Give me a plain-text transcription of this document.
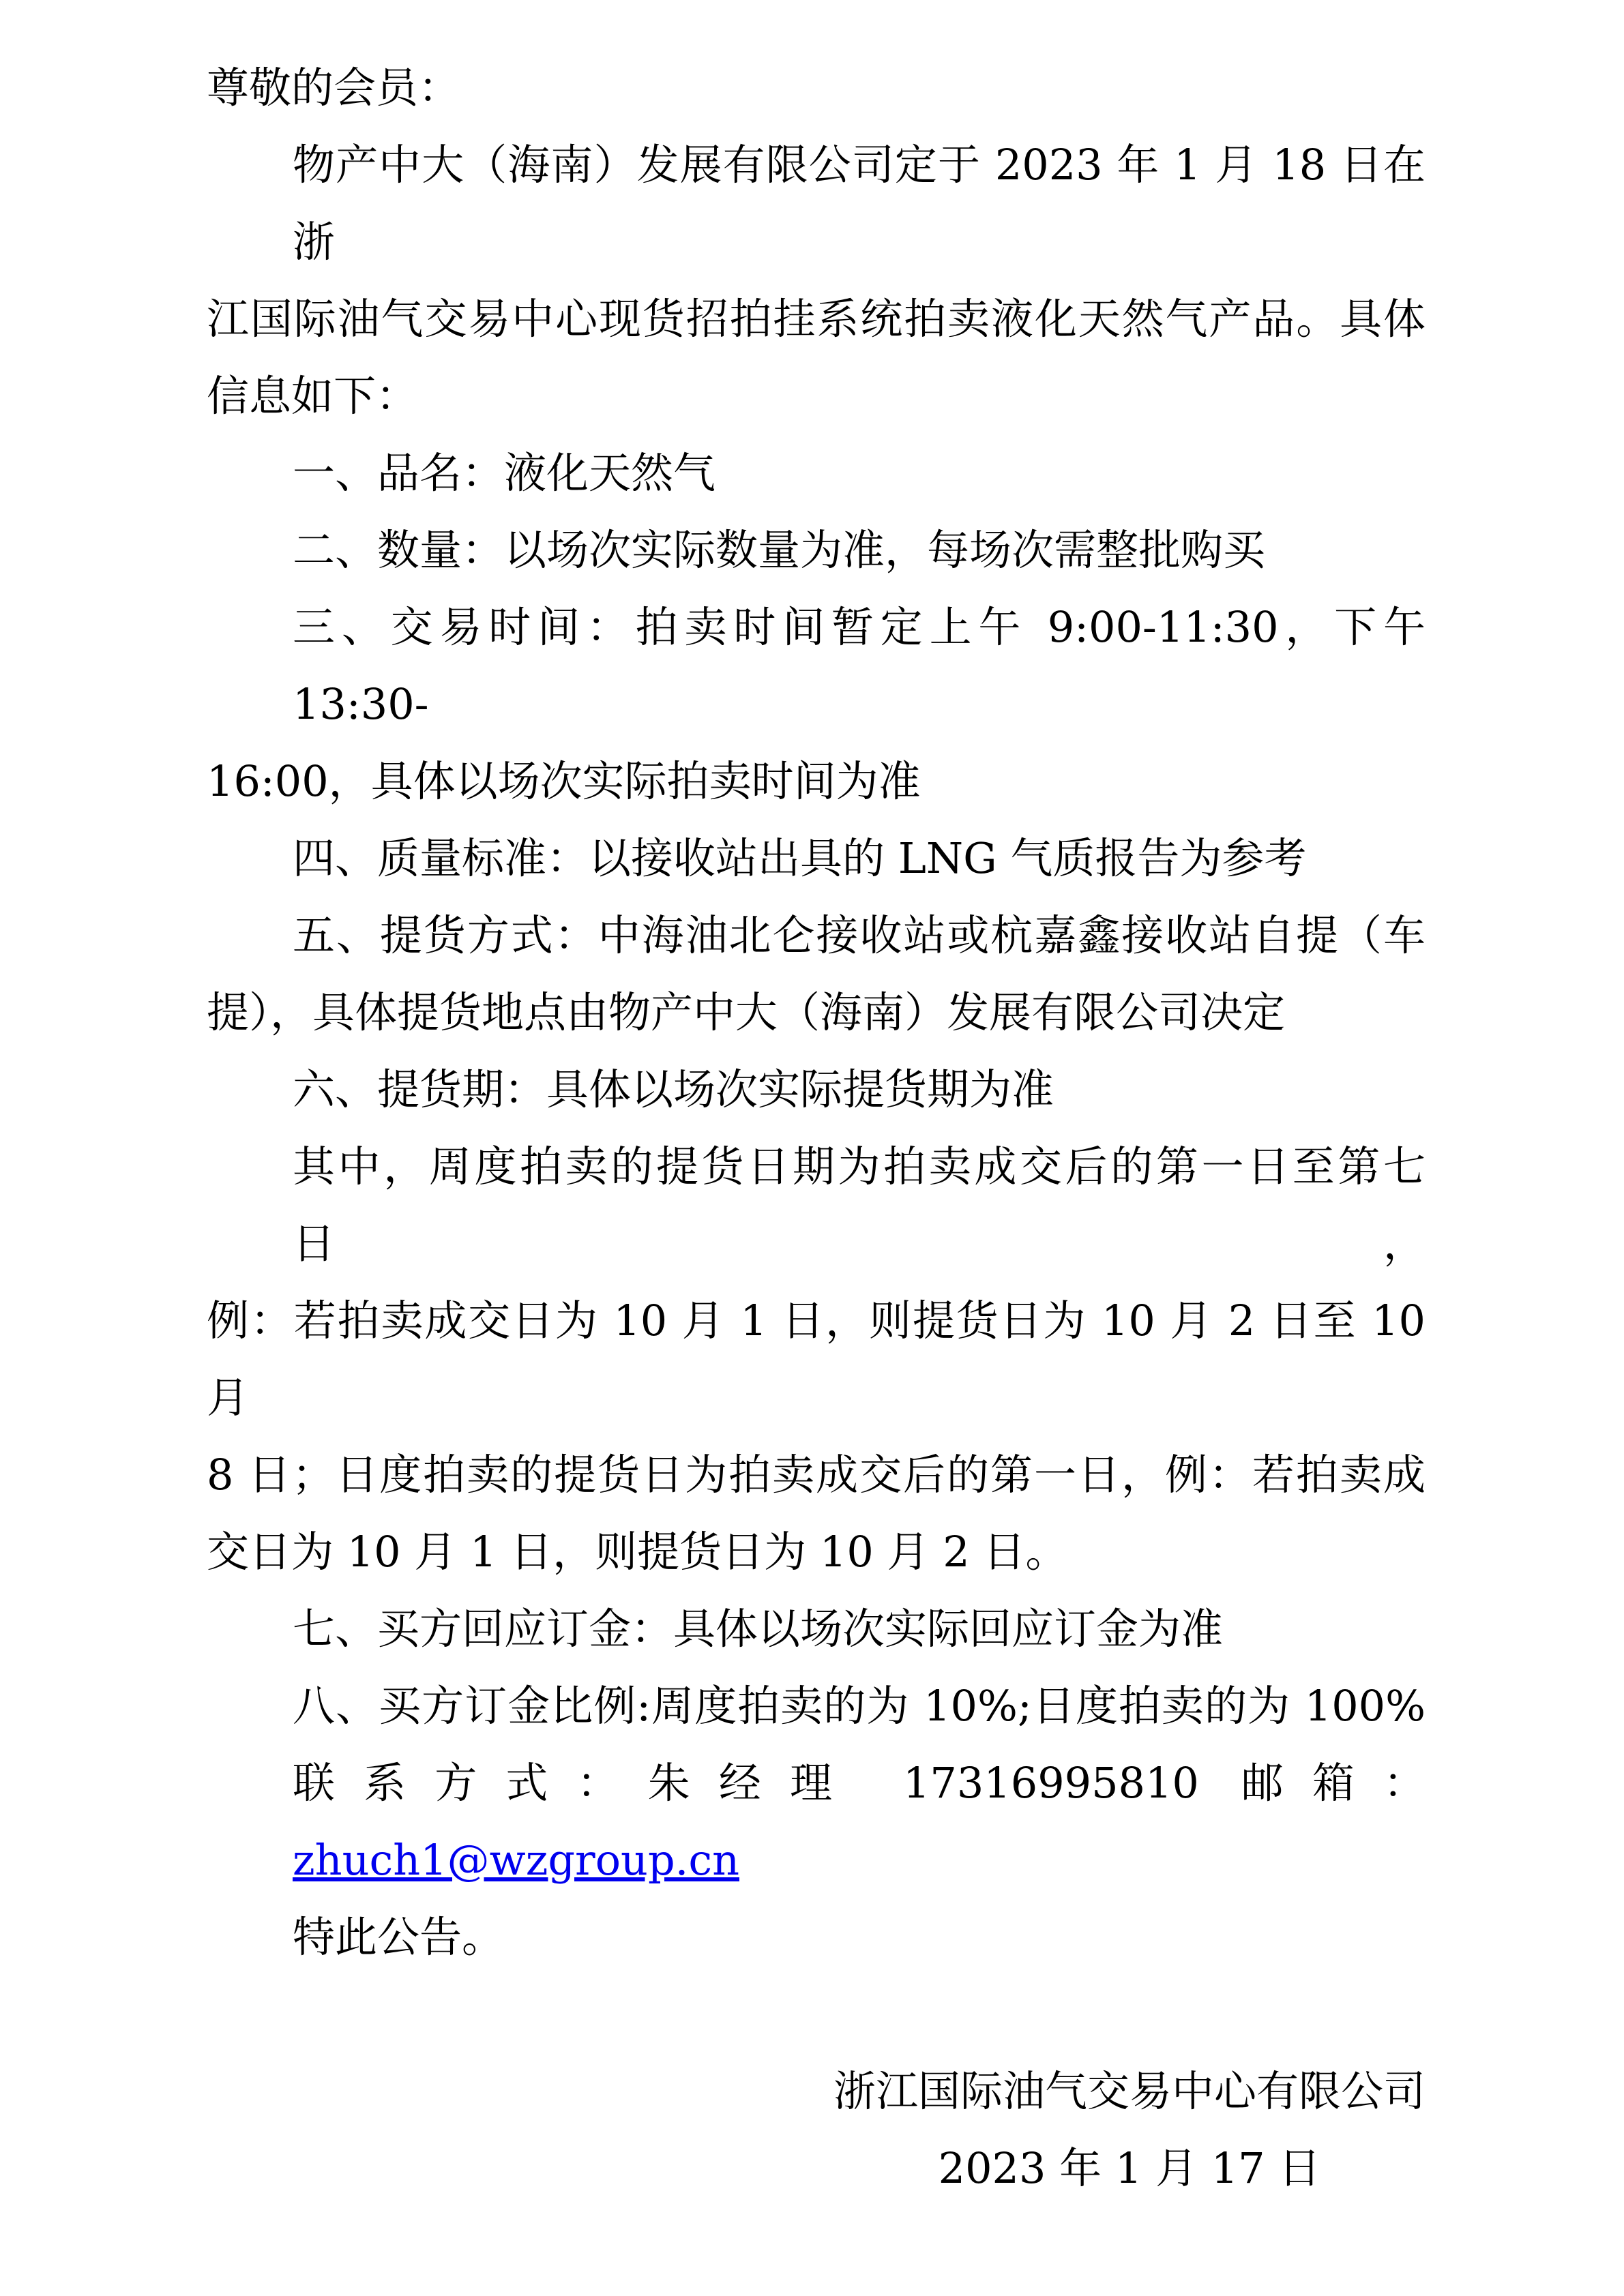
尊敬的会员：
物产中大（海南）发展有限公司定于 2023 年 1 月 18 日在浙
江国际油气交易中心现货招拍挂系统拍卖液化天然气产品。具体
信息如下：
一、品名：液化天然气
二、数量：以场次实际数量为准，每场次需整批购买
三、交易时间：拍卖时间暂定上午 9:00-11:30，下午 13:30-
16:00，具体以场次实际拍卖时间为准
四、质量标准：以接收站出具的 LNG 气质报告为参考
五、提货方式：中海油北仑接收站或杭嘉鑫接收站自提（车
提），具体提货地点由物产中大（海南）发展有限公司决定
六、提货期：具体以场次实际提货期为准
其中，周度拍卖的提货日期为拍卖成交后的第一日至第七日，
例：若拍卖成交日为 10 月 1 日，则提货日为 10 月 2 日至 10 月
8 日；日度拍卖的提货日为拍卖成交后的第一日，例：若拍卖成
交日为 10 月 1 日，则提货日为 10 月 2 日。
七、买方回应订金：具体以场次实际回应订金为准
八、买方订金比例:周度拍卖的为 10%;日度拍卖的为 100%
联系方式：朱经理 17316995810 邮箱：zhuch1@wzgroup.cn
特此公告。
浙江国际油气交易中心有限公司
2023 年 1 月 17 日
